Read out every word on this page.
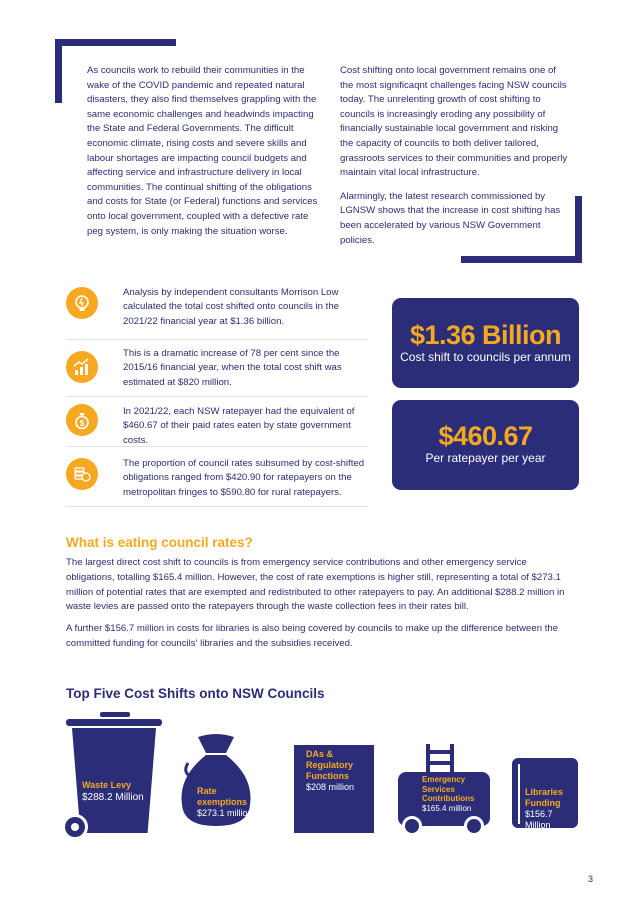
As councils work to rebuild their communities in the wake of the COVID pandemic and repeated natural disasters, they also find themselves grappling with the same economic challenges and headwinds impacting the State and Federal Governments. The difficult economic climate, rising costs and severe skills and labour shortages are impacting council budgets and affecting service and infrastructure delivery in local communities. The continual shifting of the obligations and costs for State (or Federal) functions and services onto local government, coupled with a defective rate peg system, is only making the situation worse.

Cost shifting onto local government remains one of the most significaqnt challenges facing NSW councils today. The unrelenting growth of cost shifting to councils is increasingly eroding any possibility of financially sustainable local government and risking the capacity of councils to both deliver tailored, grassroots services to their communities and properly maintain vital local infrastructure.

Alarmingly, the latest research commissioned by LGNSW shows that the increase in cost shifting has been accelerated by various NSW Government policies.

Analysis by independent consultants Morrison Low calculated the total cost shifted onto councils in the 2021/22 financial year at $1.36 billion.

This is a dramatic increase of 78 per cent since the 2015/16 financial year, when the total cost shift was estimated at $820 million.

$

In 2021/22, each NSW ratepayer had the equivalent of $460.67 of their paid rates eaten by state government costs.

The proportion of council rates subsumed by cost-shifted obligations ranged from $420.90 for ratepayers on the metropolitan fringes to $590.80 for rural ratepayers.

$1.36 Billion
Cost shift to councils per annum
$460.67
Per ratepayer per year
What is eating council rates?

The largest direct cost shift to councils is from emergency service contributions and other emergency service obligations, totalling $165.4 million. However, the cost of rate exemptions is higher still, representing a total of $273.1 million of potential rates that are exempted and redistributed to other ratepayers to pay. An additional $288.2 million in waste levies are passed onto the ratepayers through the waste collection fees in their rates bill.

A further $156.7 million in costs for libraries is also being covered by councils to make up the difference between the committed funding for councils' libraries and the subsidies received.

Top Five Cost Shifts onto NSW Councils
Waste Levy
$288.2 Million
Rate
exemptions
$273.1 million
DAs &
Regulatory
Functions
$208 million
Emergency
Services
Contributions
$165.4 million
Libraries
Funding
$156.7 Million
3
